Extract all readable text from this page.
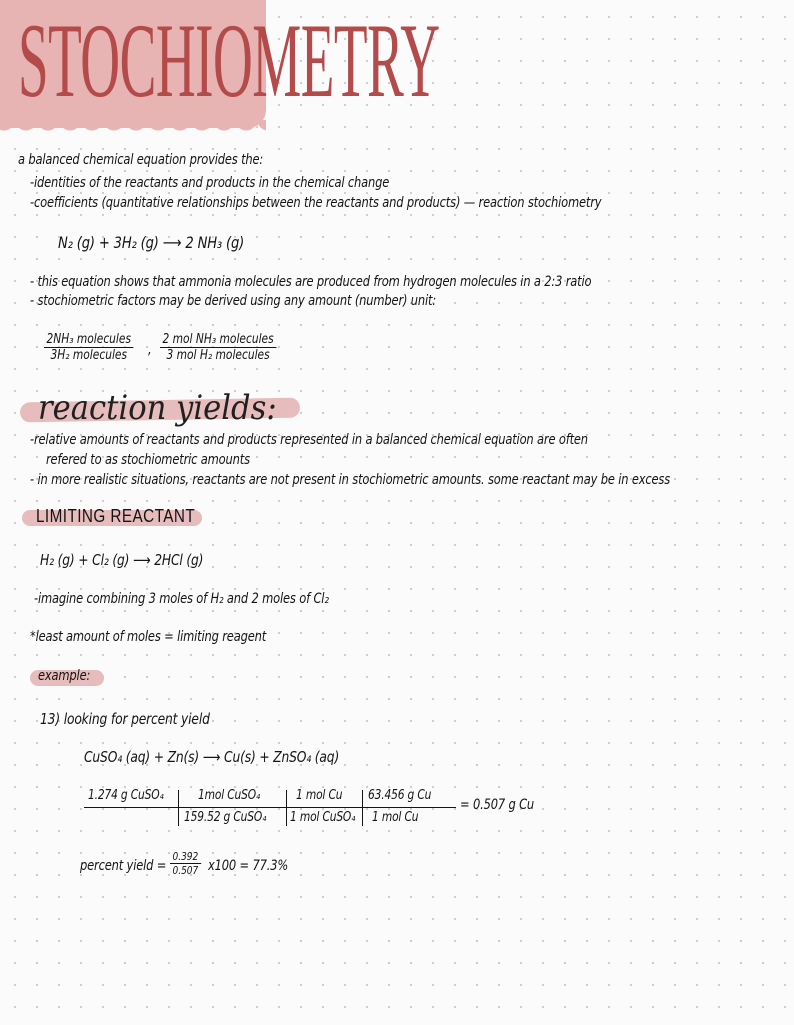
STOCHIOMETRY
a balanced chemical equation provides the:
-identities of the reactants and products in the chemical change
-coefficients (quantitative relationships between the reactants and products) — reaction stochiometry
N₂ (g) + 3H₂ (g) ⟶ 2 NH₃ (g)
- this equation shows that ammonia molecules are produced from hydrogen molecules in a 2:3 ratio
- stochiometric factors may be derived using any amount (number) unit:
2NH₃ molecules
3H₂ molecules	,
2 mol NH₃ molecules
3 mol H₂ molecules
reaction yields:
-relative amounts of reactants and products represented in a balanced chemical equation are often
refered to as stochiometric amounts
- in more realistic situations, reactants are not present in stochiometric amounts. some reactant may be in excess
LIMITING REACTANT
H₂ (g) + Cl₂ (g) ⟶ 2HCl (g)
-imagine combining 3 moles of H₂ and 2 moles of Cl₂
*least amount of moles = limiting reagent
example:
13) looking for percent yield
CuSO₄ (aq) + Zn(s) ⟶ Cu(s) + ZnSO₄ (aq)
1.274 g CuSO₄	1mol CuSO₄
159.52 g CuSO₄
1 mol Cu
1 mol CuSO₄
63.456 g Cu
1 mol Cu
= 0.507 g Cu
percent yield = $\frac{0.392}{0.507} x100 = 77.3\%$
